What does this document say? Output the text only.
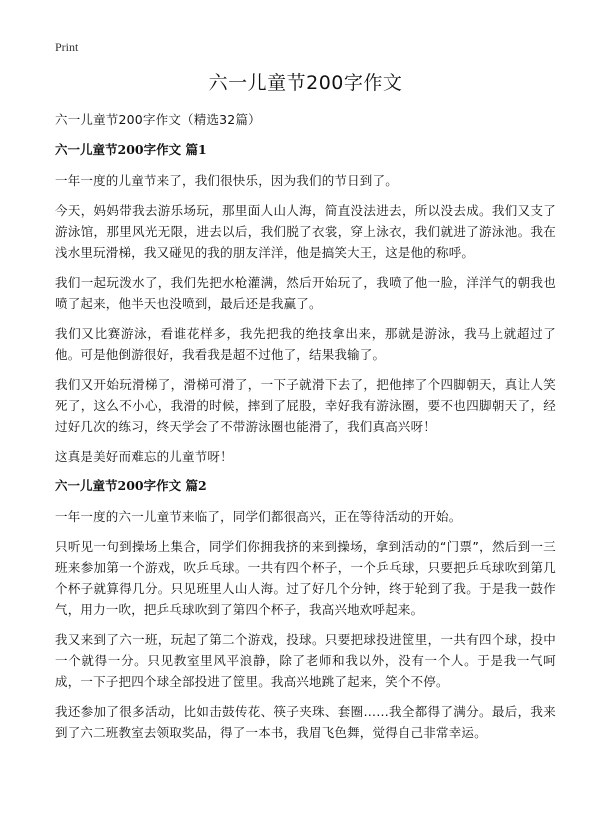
Print
六一儿童节200字作文

六一儿童节200字作文（精选32篇）

六一儿童节200字作文 篇1

一年一度的儿童节来了，我们很快乐，因为我们的节日到了。

今天，妈妈带我去游乐场玩，那里面人山人海，简直没法进去，所以没去成。我们又支了游泳馆，那里风光无限，进去以后，我们脱了衣裳，穿上泳衣，我们就进了游泳池。我在浅水里玩滑梯，我又碰见的我的朋友洋洋，他是搞笑大王，这是他的称呼。

我们一起玩泼水了，我们先把水枪灌满，然后开始玩了，我喷了他一脸，洋洋气的朝我也喷了起来，他半天也没喷到，最后还是我赢了。

我们又比赛游泳，看谁花样多，我先把我的绝技拿出来，那就是游泳，我马上就超过了他。可是他倒游很好，我看我是超不过他了，结果我输了。

我们又开始玩滑梯了，滑梯可滑了，一下子就滑下去了，把他摔了个四脚朝天，真让人笑死了，这么不小心，我滑的时候，摔到了屁股，幸好我有游泳圈，要不也四脚朝天了，经过好几次的练习，终天学会了不带游泳圈也能滑了，我们真高兴呀！

这真是美好而难忘的儿童节呀！

六一儿童节200字作文 篇2

一年一度的六一儿童节来临了，同学们都很高兴，正在等待活动的开始。

只听见一句到操场上集合，同学们你拥我挤的来到操场，拿到活动的“门票”，然后到一三班来参加第一个游戏，吹乒乓球。一共有四个杯子，一个乒乓球，只要把乒乓球吹到第几个杯子就算得几分。只见班里人山人海。过了好几个分钟，终于轮到了我。于是我一鼓作气，用力一吹，把乒乓球吹到了第四个杯子，我高兴地欢呼起来。

我又来到了六一班，玩起了第二个游戏，投球。只要把球投进筐里，一共有四个球，投中一个就得一分。只见教室里风平浪静，除了老师和我以外，没有一个人。于是我一气呵成，一下子把四个球全部投进了筐里。我高兴地跳了起来，笑个不停。

我还参加了很多活动，比如击鼓传花、筷子夹珠、套圈……我全都得了满分。最后，我来到了六二班教室去领取奖品，得了一本书，我眉飞色舞，觉得自己非常幸运。
